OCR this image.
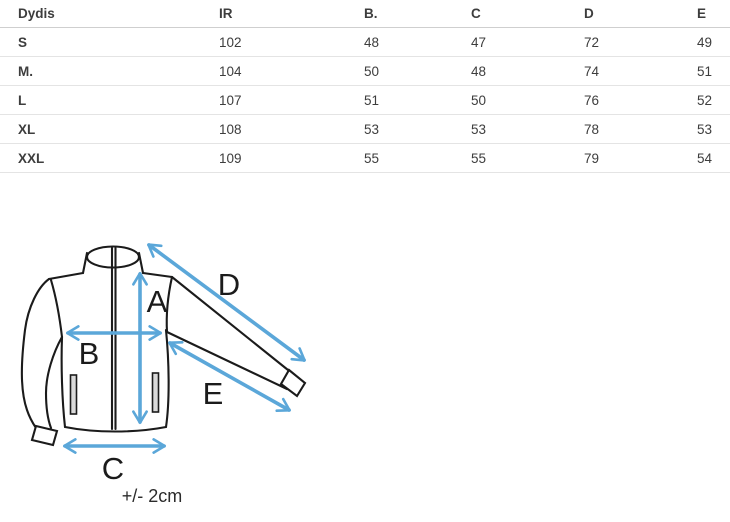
Dydis	IR	B.	C	D	E
S	102	48	47	72	49
M.	104	50	48	74	51
L	107	51	50	76	52
XL	108	53	53	78	53
XXL	109	55	55	79	54
A
B
C
D
E
+/- 2cm
